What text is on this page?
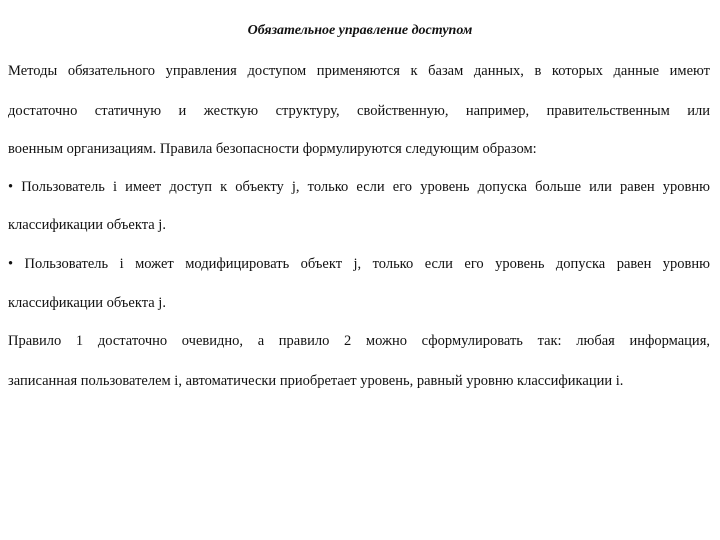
Обязательное управление доступом
Методы обязательного управления доступом применяются к базам данных, в которых данные имеют
достаточно статичную и жесткую структуру, свойственную, например, правительственным или
военным организациям. Правила безопасности формулируются следующим образом:
• Пользователь i имеет доступ к объекту j, только если его уровень допуска больше или равен уровню
классификации объекта j.
• Пользователь i может модифицировать объект j, только если его уровень допуска равен уровню
классификации объекта j.
Правило 1 достаточно очевидно, а правило 2 можно сформулировать так: любая информация,
записанная пользователем i, автоматически приобретает уровень, равный уровню классификации i.
